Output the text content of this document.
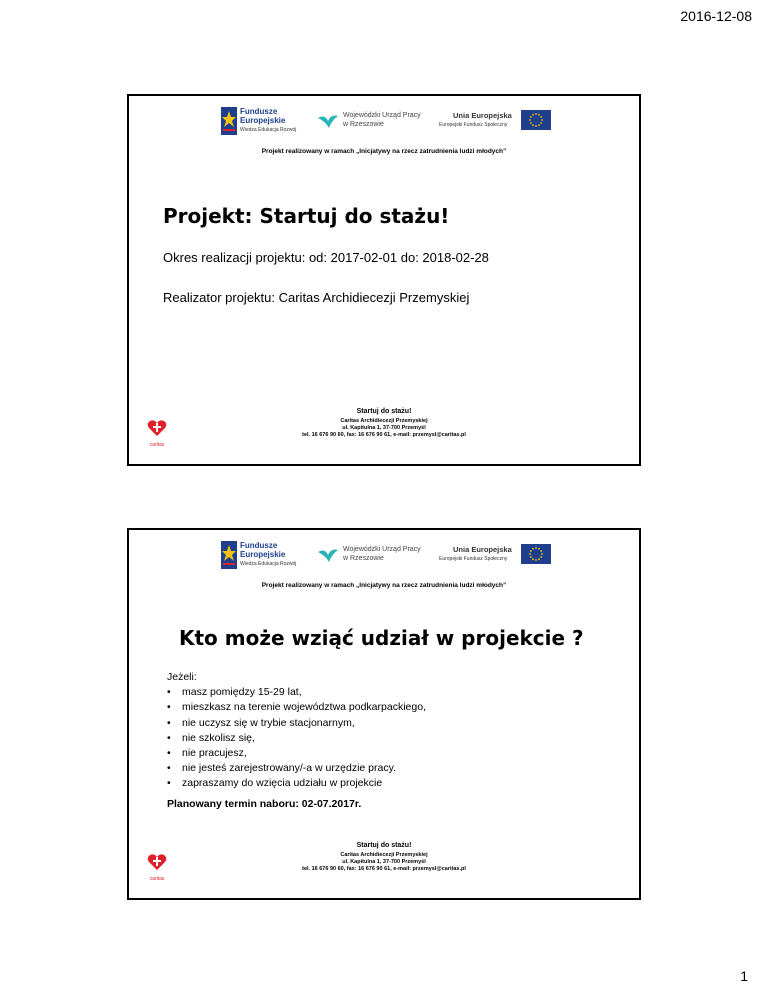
2016-12-08
Fundusze
Europejskie
Wiedza Edukacja Rozwój
Wojewódzki Urząd Pracy
w Rzeszowie
Unia Europejska
Europejski Fundusz Społeczny
Projekt realizowany w ramach „Inicjatywy na rzecz zatrudnienia ludzi młodych”
Projekt: Startuj do stażu!
Okres realizacji projektu: od: 2017-02-01 do: 2018-02-28
Realizator projektu: Caritas Archidiecezji Przemyskiej
caritas
Startuj do stażu!
Caritas Archidiecezji Przemyskiej
ul. Kapitulna 1, 37-700 Przemyśl
tel. 16 676 90 60, fax: 16 676 90 61, e-mail: przemysl@caritas.pl
Fundusze
Europejskie
Wiedza Edukacja Rozwój
Wojewódzki Urząd Pracy
w Rzeszowie
Unia Europejska
Europejski Fundusz Społeczny
Projekt realizowany w ramach „Inicjatywy na rzecz zatrudnienia ludzi młodych”
Kto może wziąć udział w projekcie ?
Jeżeli:
• masz pomiędzy 15-29 lat,
• mieszkasz na terenie województwa podkarpackiego,
• nie uczysz się w trybie stacjonarnym,
• nie szkolisz się,
• nie pracujesz,
• nie jesteś zarejestrowany/-a w urzędzie pracy.
• zapraszamy do wzięcia udziału w projekcie
Planowany termin naboru: 02-07.2017r.
caritas
Startuj do stażu!
Caritas Archidiecezji Przemyskiej
ul. Kapitulna 1, 37-700 Przemyśl
tel. 16 676 90 60, fax: 16 676 90 61, e-mail: przemysl@caritas.pl
1
